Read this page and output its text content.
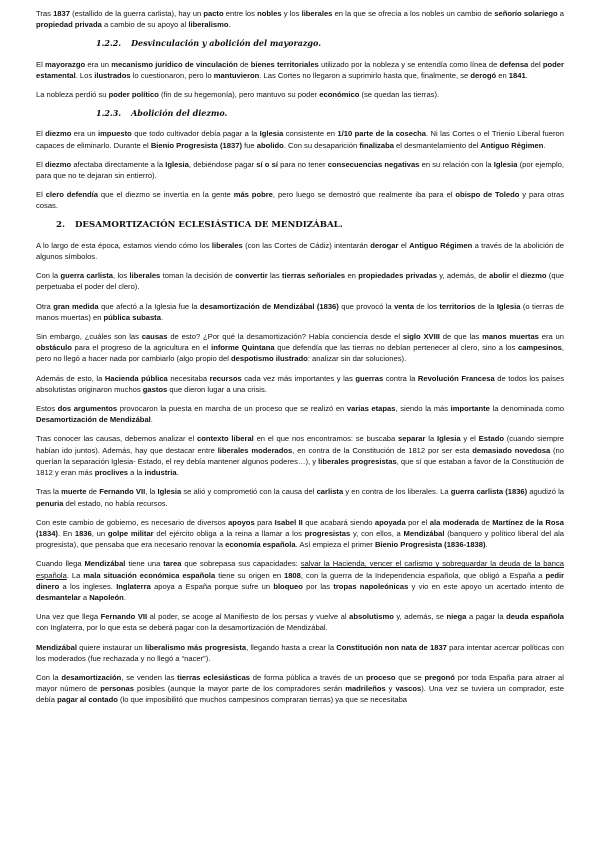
Tras 1837 (estallido de la guerra carlista), hay un pacto entre los nobles y los liberales en la que se ofrecía a los nobles un cambio de señorío solariego a propiedad privada a cambio de su apoyo al liberalismo.

1.2.2. Desvinculación y abolición del mayorazgo.

El mayorazgo era un mecanismo jurídico de vinculación de bienes territoriales utilizado por la nobleza y se entendía como línea de defensa del poder estamental. Los ilustrados lo cuestionaron, pero lo mantuvieron. Las Cortes no llegaron a suprimirlo hasta que, finalmente, se derogó en 1841.

La nobleza perdió su poder político (fin de su hegemonía), pero mantuvo su poder económico (se quedan las tierras).

1.2.3. Abolición del diezmo.

El diezmo era un impuesto que todo cultivador debía pagar a la Iglesia consistente en 1/10 parte de la cosecha. Ni las Cortes o el Trienio Liberal fueron capaces de eliminarlo. Durante el Bienio Progresista (1837) fue abolido. Con su desaparición finalizaba el desmantelamiento del Antiguo Régimen.

El diezmo afectaba directamente a la Iglesia, debiéndose pagar sí o sí para no tener consecuencias negativas en su relación con la Iglesia (por ejemplo, para que no te dejaran sin entierro).

El clero defendía que el diezmo se invertía en la gente más pobre, pero luego se demostró que realmente iba para el obispo de Toledo y para otras cosas.

2. DESAMORTIZACIÓN ECLESIÁSTICA DE MENDIZÁBAL.

A lo largo de esta época, estamos viendo cómo los liberales (con las Cortes de Cádiz) intentarán derogar el Antiguo Régimen a través de la abolición de algunos símbolos.

Con la guerra carlista, los liberales toman la decisión de convertir las tierras señoriales en propiedades privadas y, además, de abolir el diezmo (que perpetuaba el poder del clero).

Otra gran medida que afectó a la Iglesia fue la desamortización de Mendizábal (1836) que provocó la venta de los territorios de la Iglesia (o tierras de manos muertas) en pública subasta.

Sin embargo, ¿cuáles son las causas de esto? ¿Por qué la desamortización? Había conciencia desde el siglo XVIII de que las manos muertas era un obstáculo para el progreso de la agricultura en el informe Quintana que defendía que las tierras no debían pertenecer al clero, sino a los campesinos, pero no llegó a hacer nada por cambiarlo (algo propio del despotismo ilustrado: analizar sin dar soluciones).

Además de esto, la Hacienda pública necesitaba recursos cada vez más importantes y las guerras contra la Revolución Francesa de todos los países absolutistas originaron muchos gastos que dieron lugar a una crisis.

Estos dos argumentos provocaron la puesta en marcha de un proceso que se realizó en varias etapas, siendo la más importante la denominada como Desamortización de Mendizábal.

Tras conocer las causas, debemos analizar el contexto liberal en el que nos encontramos: se buscaba separar la Iglesia y el Estado (cuando siempre habían ido juntos). Además, hay que destacar entre liberales moderados, en contra de la Constitución de 1812 por ser esta demasiado novedosa (no querían la separación Iglesia- Estado, el rey debía mantener algunos poderes…), y liberales progresistas, que sí que estaban a favor de la Constitución de 1812 y eran más proclives a la industria.

Tras la muerte de Fernando VII, la Iglesia se alió y comprometió con la causa del carlista y en contra de los liberales. La guerra carlista (1836) agudizó la penuria del estado, no había recursos.

Con este cambio de gobierno, es necesario de diversos apoyos para Isabel II que acabará siendo apoyada por el ala moderada de Martínez de la Rosa (1834). En 1836, un golpe militar del ejército obliga a la reina a llamar a los progresistas y, con ellos, a Mendizábal (banquero y político liberal del ala progresista), que pensaba que era necesario renovar la economía española. Así empieza el primer Bienio Progresista (1836-1838).

Cuando llega Mendizábal tiene una tarea que sobrepasa sus capacidades: salvar la Hacienda, vencer el carlismo y sobreguardar la deuda de la banca española. La mala situación económica española tiene su origen en 1808, con la guerra de la Independencia española, que obligó a España a pedir dinero a los ingleses. Inglaterra apoya a España porque sufre un bloqueo por las tropas napoleónicas y vio en este apoyo un acertado intento de desmantelar a Napoleón.

Una vez que llega Fernando VII al poder, se acoge al Manifiesto de los persas y vuelve al absolutismo y, además, se niega a pagar la deuda española con Inglaterra, por lo que esta se deberá pagar con la desamortización de Mendizábal.

Mendizábal quiere instaurar un liberalismo más progresista, llegando hasta a crear la Constitución non nata de 1837 para intentar acercar políticas con los moderados (fue rechazada y no llegó a “nacer”).

Con la desamortización, se venden las tierras eclesiásticas de forma pública a través de un proceso que se pregonó por toda España para atraer al mayor número de personas posibles (aunque la mayor parte de los compradores serán madrileños y vascos). Una vez se tuviera un comprador, este debía pagar al contado (lo que imposibilitó que muchos campesinos compraran tierras) ya que se necesitaba
